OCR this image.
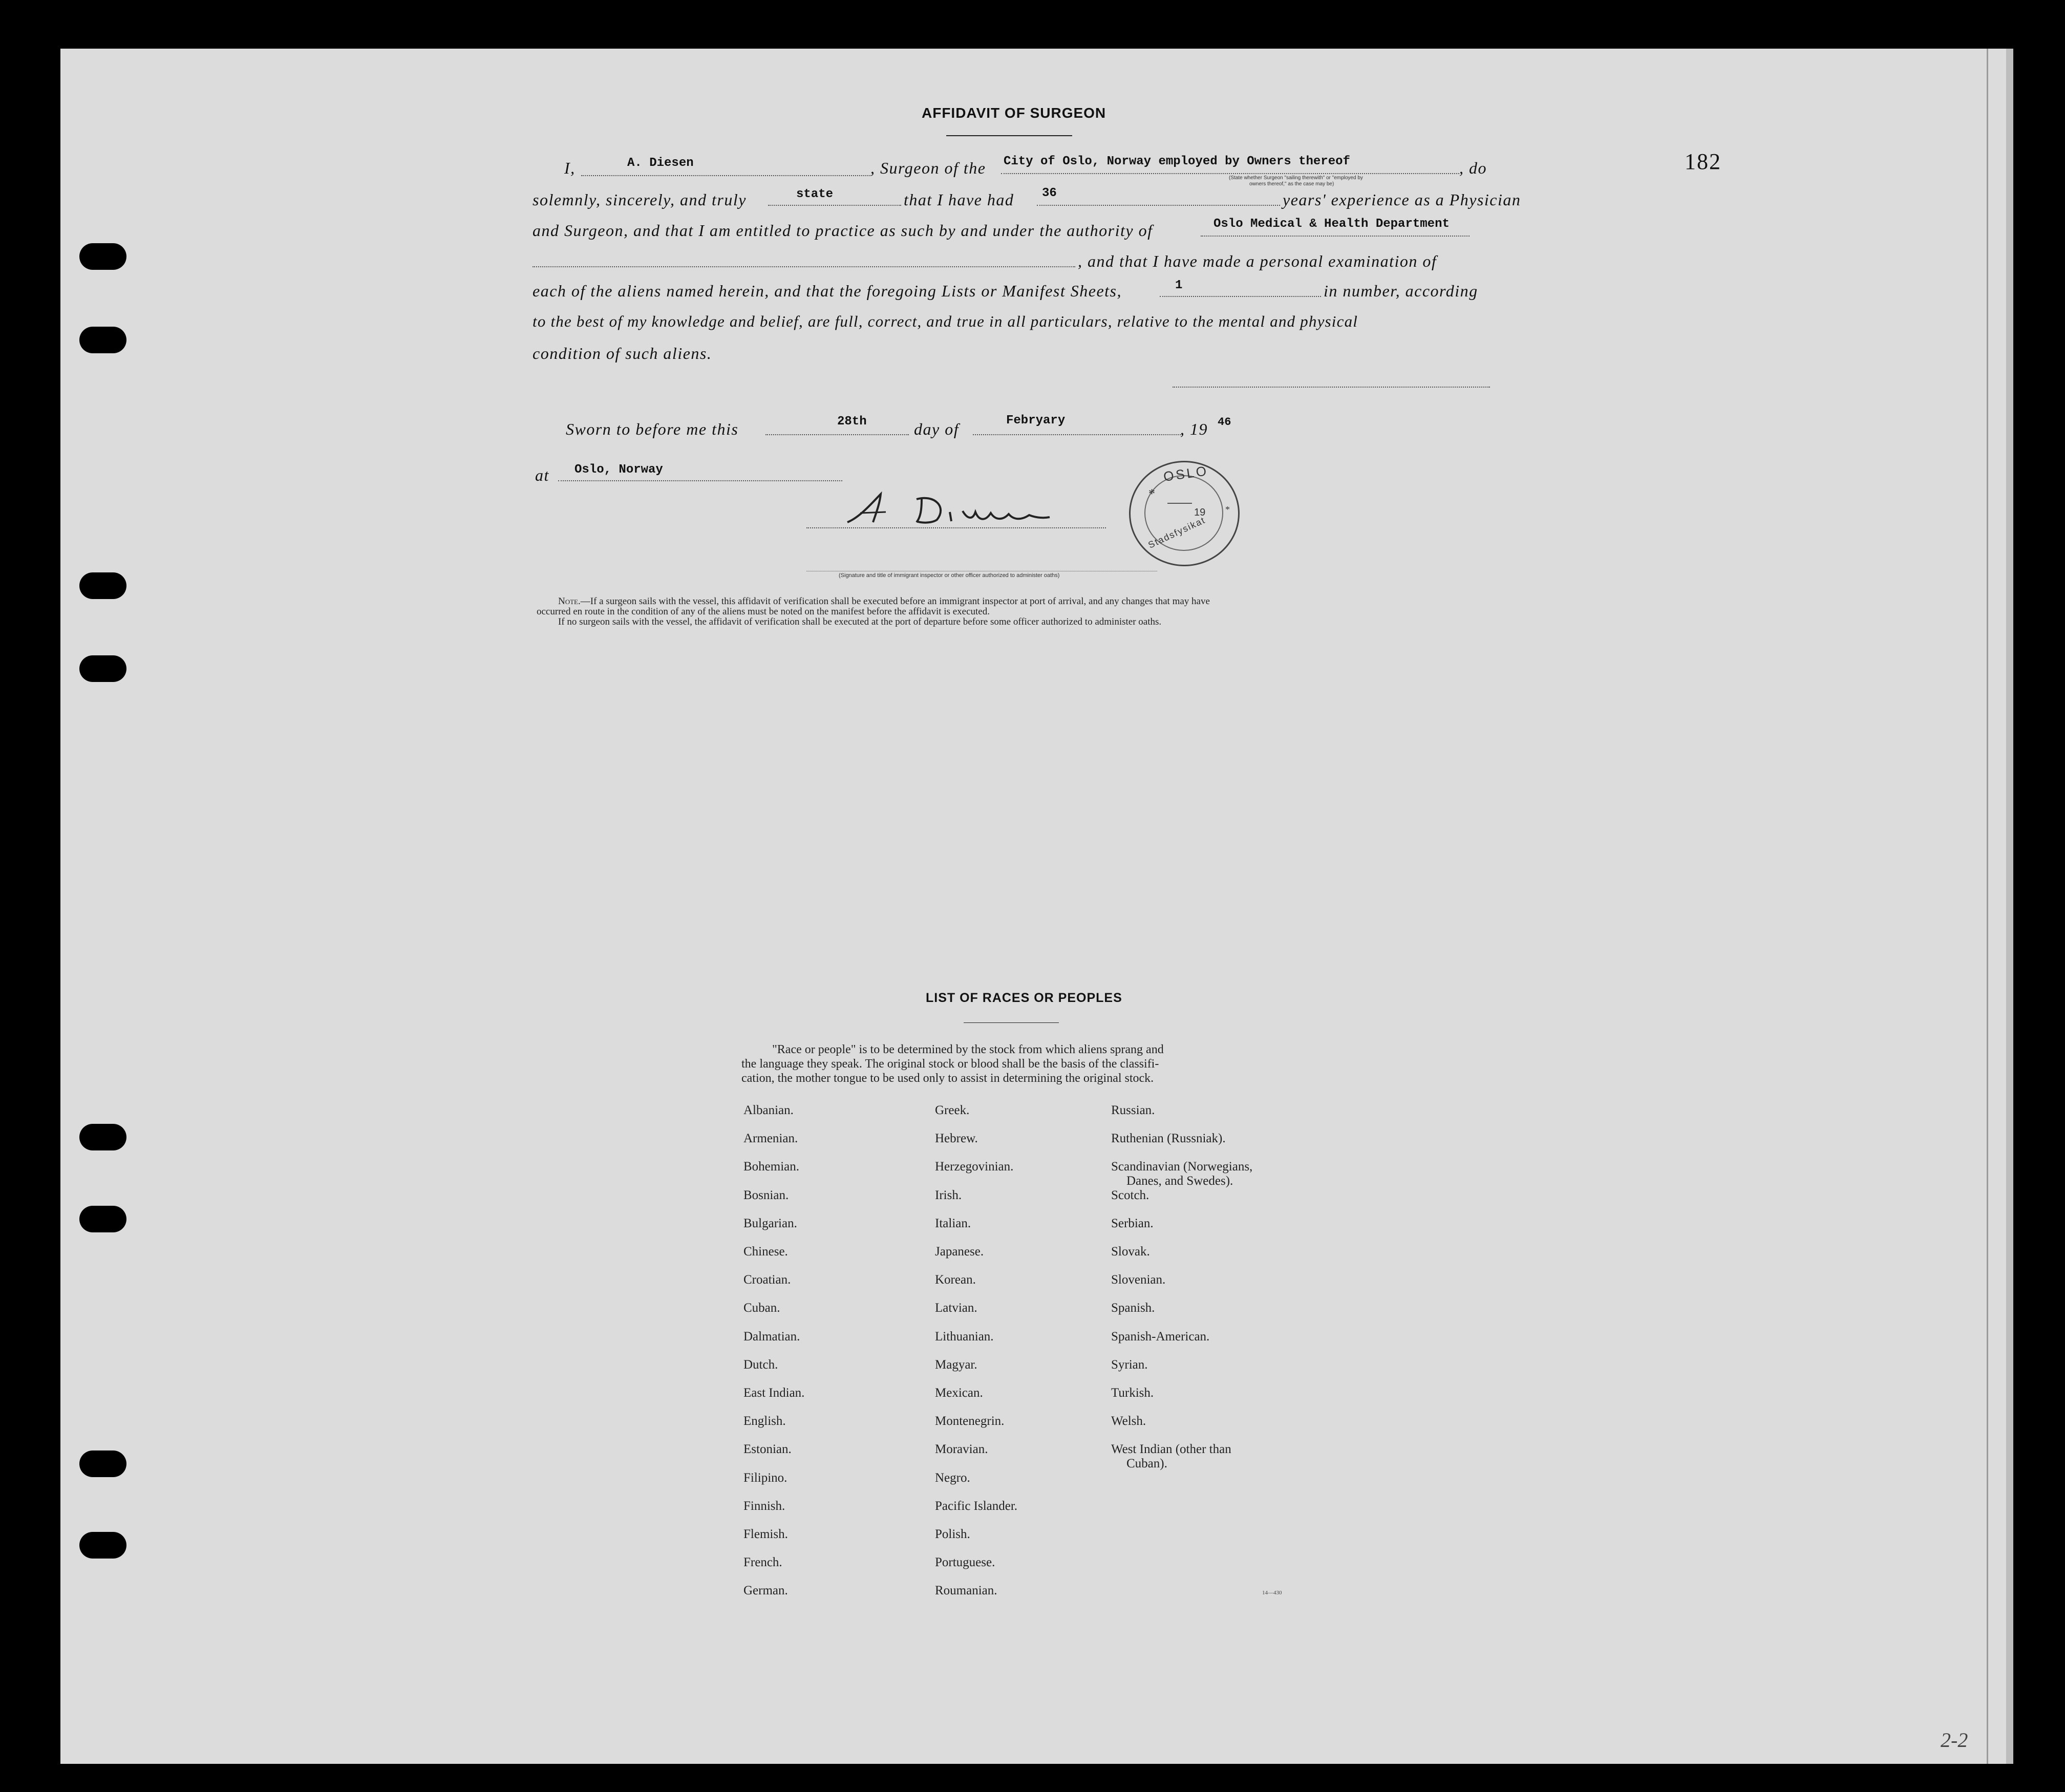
182
AFFIDAVIT OF SURGEON
I,	A. Diesen	, Surgeon of the City of Oslo, Norway employed by Owners thereof	, do
(State whether Surgeon "sailing therewith" or "employed by
owners thereof," as the case may be)
solemnly, sincerely, and truly	state	that I have had 36	years' experience as a Physician
and Surgeon, and that I am entitled to practice as such by and under the authority of	Oslo Medical & Health Department
, and that I have made a personal examination of
each of the aliens named herein, and that the foregoing Lists or Manifest Sheets,	1	in number, according
to the best of my knowledge and belief, are full, correct, and true in all particulars, relative to the mental and physical
condition of such aliens.
Sworn to before me this	28th	day of	Febryary	, 19 46
at Oslo, Norway	OSLO
*
*
19
Stadsfysikat
(Signature and title of immigrant inspector or other officer authorized to administer oaths)
Note.—If a surgeon sails with the vessel, this affidavit of verification shall be executed before an immigrant inspector at port of arrival, and any changes that may have
occurred en route in the condition of any of the aliens must be noted on the manifest before the affidavit is executed.
If no surgeon sails with the vessel, the affidavit of verification shall be executed at the port of departure before some officer authorized to administer oaths.
LIST OF RACES OR PEOPLES
"Race or people" is to be determined by the stock from which aliens sprang and
the language they speak. The original stock or blood shall be the basis of the classifi-
cation, the mother tongue to be used only to assist in determining the original stock.
Albanian.
Armenian.
Bohemian.
Bosnian.
Bulgarian.
Chinese.
Croatian.
Cuban.
Dalmatian.
Dutch.
East Indian.
English.
Estonian.
Filipino.
Finnish.
Flemish.
French.
German.
Greek.
Hebrew.
Herzegovinian.
Irish.
Italian.
Japanese.
Korean.
Latvian.
Lithuanian.
Magyar.
Mexican.
Montenegrin.
Moravian.
Negro.
Pacific Islander.
Polish.
Portuguese.
Roumanian.
Russian.
Ruthenian (Russniak).
Scandinavian (Norwegians,
Danes, and Swedes).
Scotch.
Serbian.
Slovak.
Slovenian.
Spanish.
Spanish-American.
Syrian.
Turkish.
Welsh.
West Indian (other than
Cuban).
14—430
2-2
